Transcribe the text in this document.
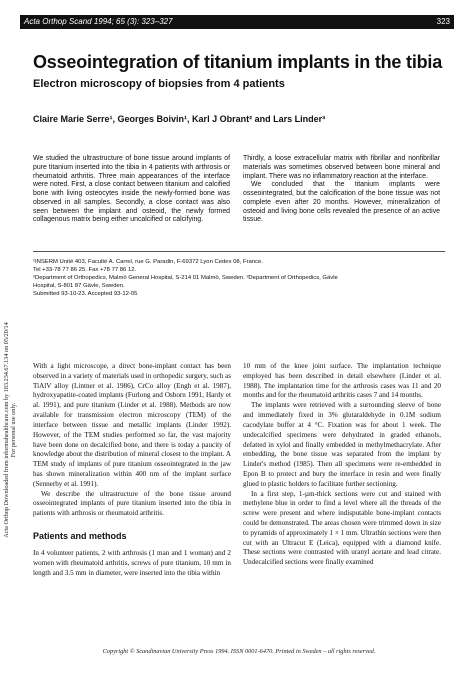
Acta Orthop Scand 1994; 65 (3): 323–327	323
Osseointegration of titanium implants in the tibia
Electron microscopy of biopsies from 4 patients
Claire Marie Serre¹, Georges Boivin¹, Karl J Obrant² and Lars Linder³

We studied the ultrastructure of bone tissue around implants of pure titanium inserted into the tibia in 4 patients with arthrosis or rheumatoid arthritis. Three main appearances of the interface were noted. First, a close contact between titanium and calcified bone with living osteocytes inside the newly-formed bone was observed in all samples. Secondly, a close contact was also seen between the implant and osteoid, the newly formed collagenous matrix being either uncalcified or calcifying.

Thirdly, a loose extracellular matrix with fibrillar and nonfibrillar materials was sometimes observed between bone mineral and implant. There was no inflammatory reaction at the interface.

We concluded that the titanium implants were osseointegrated, but the calcification of the bone tissue was not complete even after 20 months. However, mineralization of osteoid and living bone cells revealed the presence of an active tissue.

¹INSERM Unité 403, Faculté A. Carrel, rue G. Paradin, F-69372 Lyon Cedex 08, France.

Tel +33-78 77 86 25. Fax +78 77 86 12.

²Department of Orthopedics, Malmö General Hospital, S-214 01 Malmö, Sweden. ³Department of Orthopedics, Gävle

Hospital, S-801 87 Gävle, Sweden.

Submitted 93-10-23. Accepted 93-12-05

Acta Orthop Downloaded from informahealthcare.com by 183.234.67.134 on 05/20/14 For personal use only.

With a light microscope, a direct bone-implant contact has been observed in a variety of materials used in orthopedic surgery, such as TiAlV alloy (Lintner et al. 1986), CrCo alloy (Engh et al. 1987), hydroxyapatite-coated implants (Furlong and Osborn 1991, Hardy et al. 1991), and pure titanium (Linder et al. 1988). Methods are now available for transmission electron microscopy (TEM) of the interface between tissue and metallic implants (Linder 1992). However, of the TEM studies performed so far, the vast majority have been done on decalcified bone, and there is today a paucity of knowledge about the distribution of mineral closest to the implant. A TEM study of implants of pure titanium osseointegrated in the jaw has shown mineralization within 400 nm of the implant surface (Sennerby et al. 1991).

We describe the ultrastructure of the bone tissue around osseointegrated implants of pure titanium inserted into the tibia in patients with arthrosis or rheumatoid arthritis.

Patients and methods

In 4 volunteer patients, 2 with arthrosis (1 man and 1 woman) and 2 women with rheumatoid arthritis, screws of pure titanium, 10 mm in length and 3.5 mm in diameter, were inserted into the tibia within

10 mm of the knee joint surface. The implantation technique employed has been described in detail elsewhere (Linder et al. 1988). The implantation time for the arthrosis cases was 11 and 20 months and for the rheumatoid arthritis cases 7 and 14 months.

The implants were retrieved with a surrounding sleeve of bone and immediately fixed in 3% glutaraldehyde in 0.1M sodium cacodylate buffer at 4 °C. Fixation was for about 1 week. The undecalcified specimens were dehydrated in graded ethanols, defatted in xylol and finally embedded in methylmethacrylate. After embedding, the bone tissue was separated from the implant by Linder's method (1985). Then all specimens were re-embedded in Epon B to protect and bury the interface in resin and were finally glued to plastic holders to facilitate further sectioning.

In a first step, 1-µm-thick sections were cut and stained with methylene blue in order to find a level where all the threads of the screw were present and where indisputable bone-implant contacts could be demonstrated. The areas chosen were trimmed down in size to pyramids of approximately 1 × 1 mm. Ultrathin sections were then cut with an Ultracut E (Leica), equipped with a diamond knife. These sections were contrasted with uranyl acetate and lead citrate. Undecalcified sections were finally examined

Copyright © Scandinavian University Press 1994. ISSN 0001-6470. Printed in Sweden – all rights reserved.
